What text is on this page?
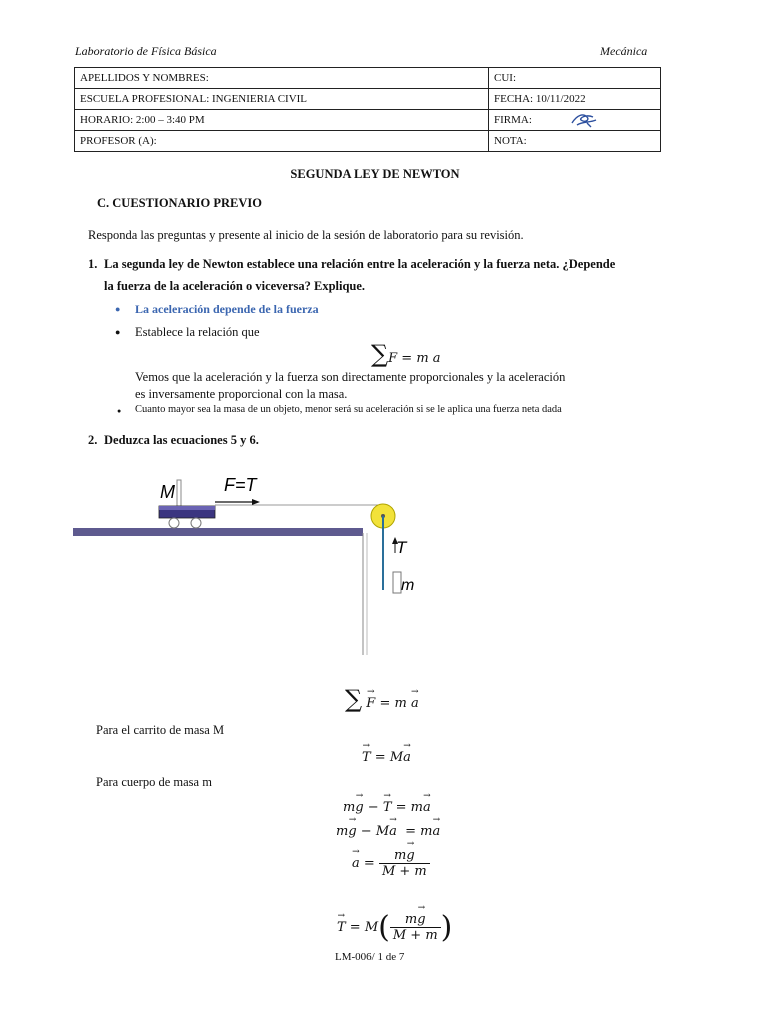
Laboratorio de Física Básica	Mecánica
APELLIDOS Y NOMBRES:	CUI:
ESCUELA PROFESIONAL: INGENIERIA CIVIL	FECHA: 10/11/2022
HORARIO: 2:00 – 3:40 PM	FIRMA:

PROFESOR (A):	NOTA:
SEGUNDA LEY DE NEWTON
C. CUESTIONARIO PREVIO
Responda las preguntas y presente al inicio de la sesión de laboratorio para su revisión.
1. La segunda ley de Newton establece una relación entre la aceleración y la fuerza neta. ¿Depende
la fuerza de la aceleración o viceversa? Explique.
● La aceleración depende de la fuerza
● Establece la relación que
∑F = m a
Vemos que la aceleración y la fuerza son directamente proporcionales y la aceleración
es inversamente proporcional con la masa.
● Cuanto mayor sea la masa de un objeto, menor será su aceleración si se le aplica una fuerza neta dada
2. Deduzca las ecuaciones 5 y 6.
M	F=T
T
m
∑ → F = m → a
Para el carrito de masa M
→ T = M→ a
Para cuerpo de masa m
m→ g − → T = m→ a
m→ g − M→ a  = m→ a
→ $a = \frac{m\to g}{M + m}$
→ $T = M( \frac{m\to g}{M + m}$ )
LM-006/ 1 de 7
